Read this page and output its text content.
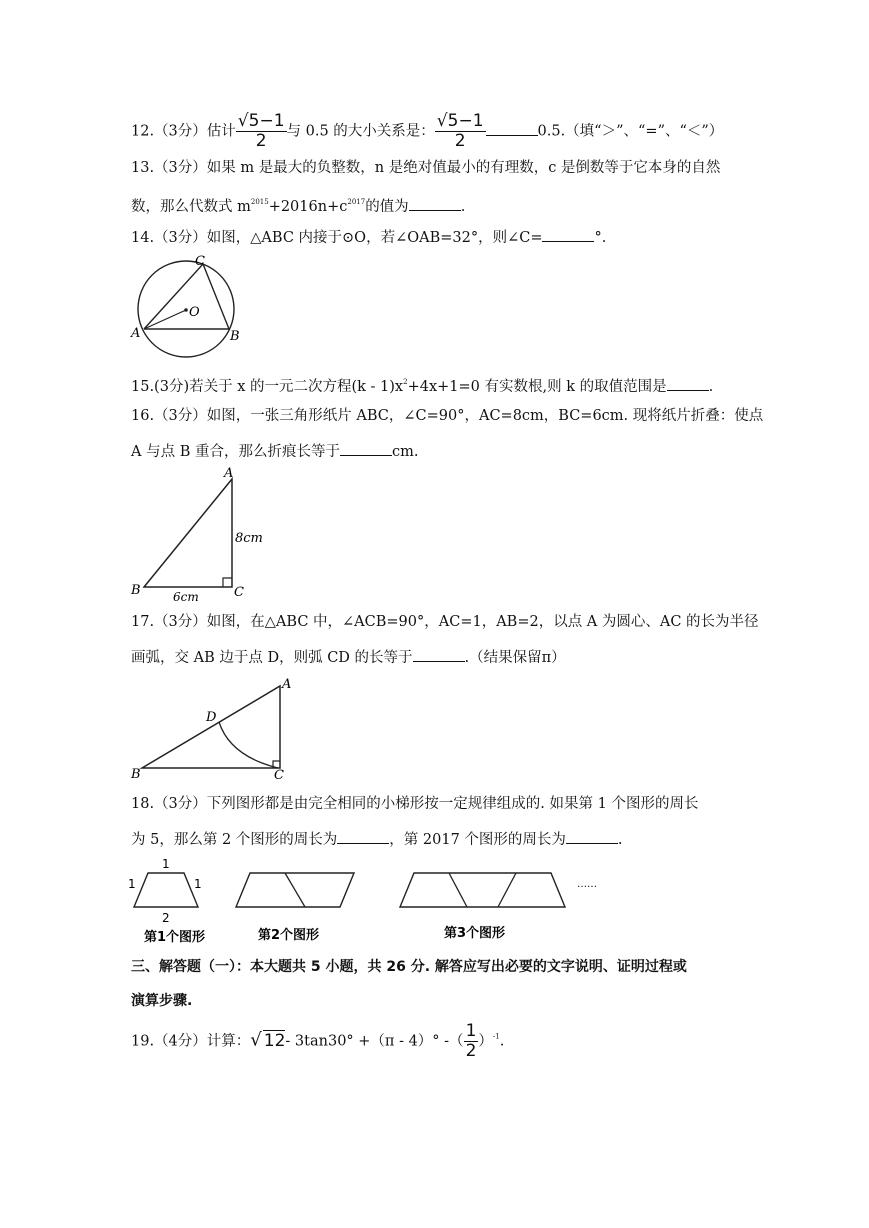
12.（3分）估计 $\frac{√5-1}{2}$ 与 0.5 的大小关系是： $\frac{√5-1}{2}$	0.5.（填“＞”、“=”、“＜”）
13.（3分）如果 m 是最大的负整数，n 是绝对值最小的有理数，c 是倒数等于它本身的自然
数，那么代数式 $m^{2015}+2016n+c^{2017}$的值为	.
14.（3分）如图，△ABC 内接于⊙O，若∠OAB=32°，则∠C=	°.
C
O
A	B
15.(3分)若关于 x 的一元二次方程$(k - 1)x^2+4x+1=0$ 有实数根,则 k 的取值范围是	.
16.（3分）如图，一张三角形纸片 ABC，∠C=90°，AC=8cm，BC=6cm. 现将纸片折叠：使点
A 与点 B 重合，那么折痕长等于	cm.
A
8cm
B	6cm	C
17.（3分）如图，在△ABC 中，∠ACB=90°，AC=1，AB=2，以点 A 为圆心、AC 的长为半径
画弧，交 AB 边于点 D，则弧 CD 的长等于	.（结果保留π）
A
D
B	C
18.（3分）下列图形都是由完全相同的小梯形按一定规律组成的. 如果第 1 个图形的周长
为 5，那么第 2 个图形的周长为	，第 2017 个图形的周长为	.
1
1	1
2
……
第1个图形	第2个图形	第3个图形
三、解答题（一）：本大题共 5 小题，共 26 分. 解答应写出必要的文字说明、证明过程或
演算步骤.
19.（4分）计算：√ 12- 3tan30° +（π - 4）° -（ $\frac{1}{2} )^{-1}$.
